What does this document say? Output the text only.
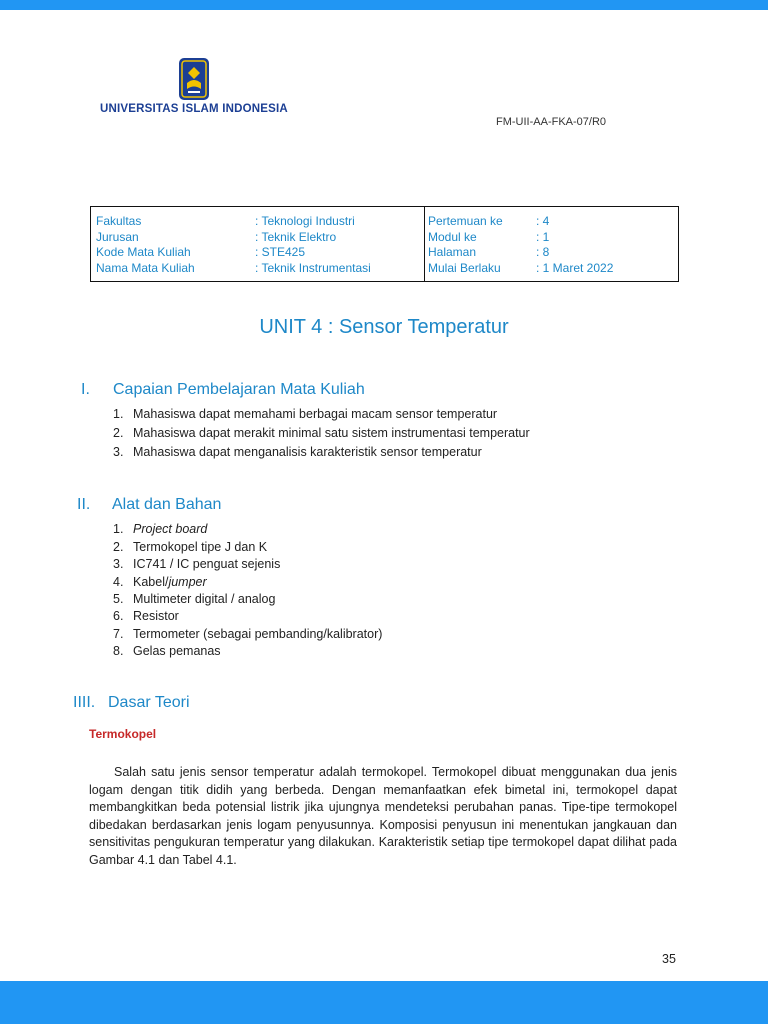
UNIVERSITAS ISLAM INDONESIA
FM-UII-AA-FKA-07/R0
Fakultas	: Teknologi Industri
Jurusan	: Teknik Elektro
Kode Mata Kuliah	: STE425
Nama Mata Kuliah	: Teknik Instrumentasi
Pertemuan ke	: 4
Modul ke	: 1
Halaman	: 8
Mulai Berlaku	: 1 Maret 2022
UNIT 4 : Sensor Temperatur
I. Capaian Pembelajaran Mata Kuliah
1. Mahasiswa dapat memahami berbagai macam sensor temperatur
2. Mahasiswa dapat merakit minimal satu sistem instrumentasi temperatur
3. Mahasiswa dapat menganalisis karakteristik sensor temperatur
II. Alat dan Bahan
1. Project board
2. Termokopel tipe J dan K
3. IC741 / IC penguat sejenis
4. Kabel/jumper
5. Multimeter digital / analog
6. Resistor
7. Termometer (sebagai pembanding/kalibrator)
8. Gelas pemanas
IIII. Dasar Teori
Termokopel
Salah satu jenis sensor temperatur adalah termokopel. Termokopel dibuat menggunakan dua jenis logam dengan titik didih yang berbeda. Dengan memanfaatkan efek bimetal ini, termokopel dapat membangkitkan beda potensial listrik jika ujungnya mendeteksi perubahan panas. Tipe-tipe termokopel dibedakan berdasarkan jenis logam penyusunnya. Komposisi penyusun ini menentukan jangkauan dan sensitivitas pengukuran temperatur yang dilakukan. Karakteristik setiap tipe termokopel dapat dilihat pada Gambar 4.1 dan Tabel 4.1.
35
